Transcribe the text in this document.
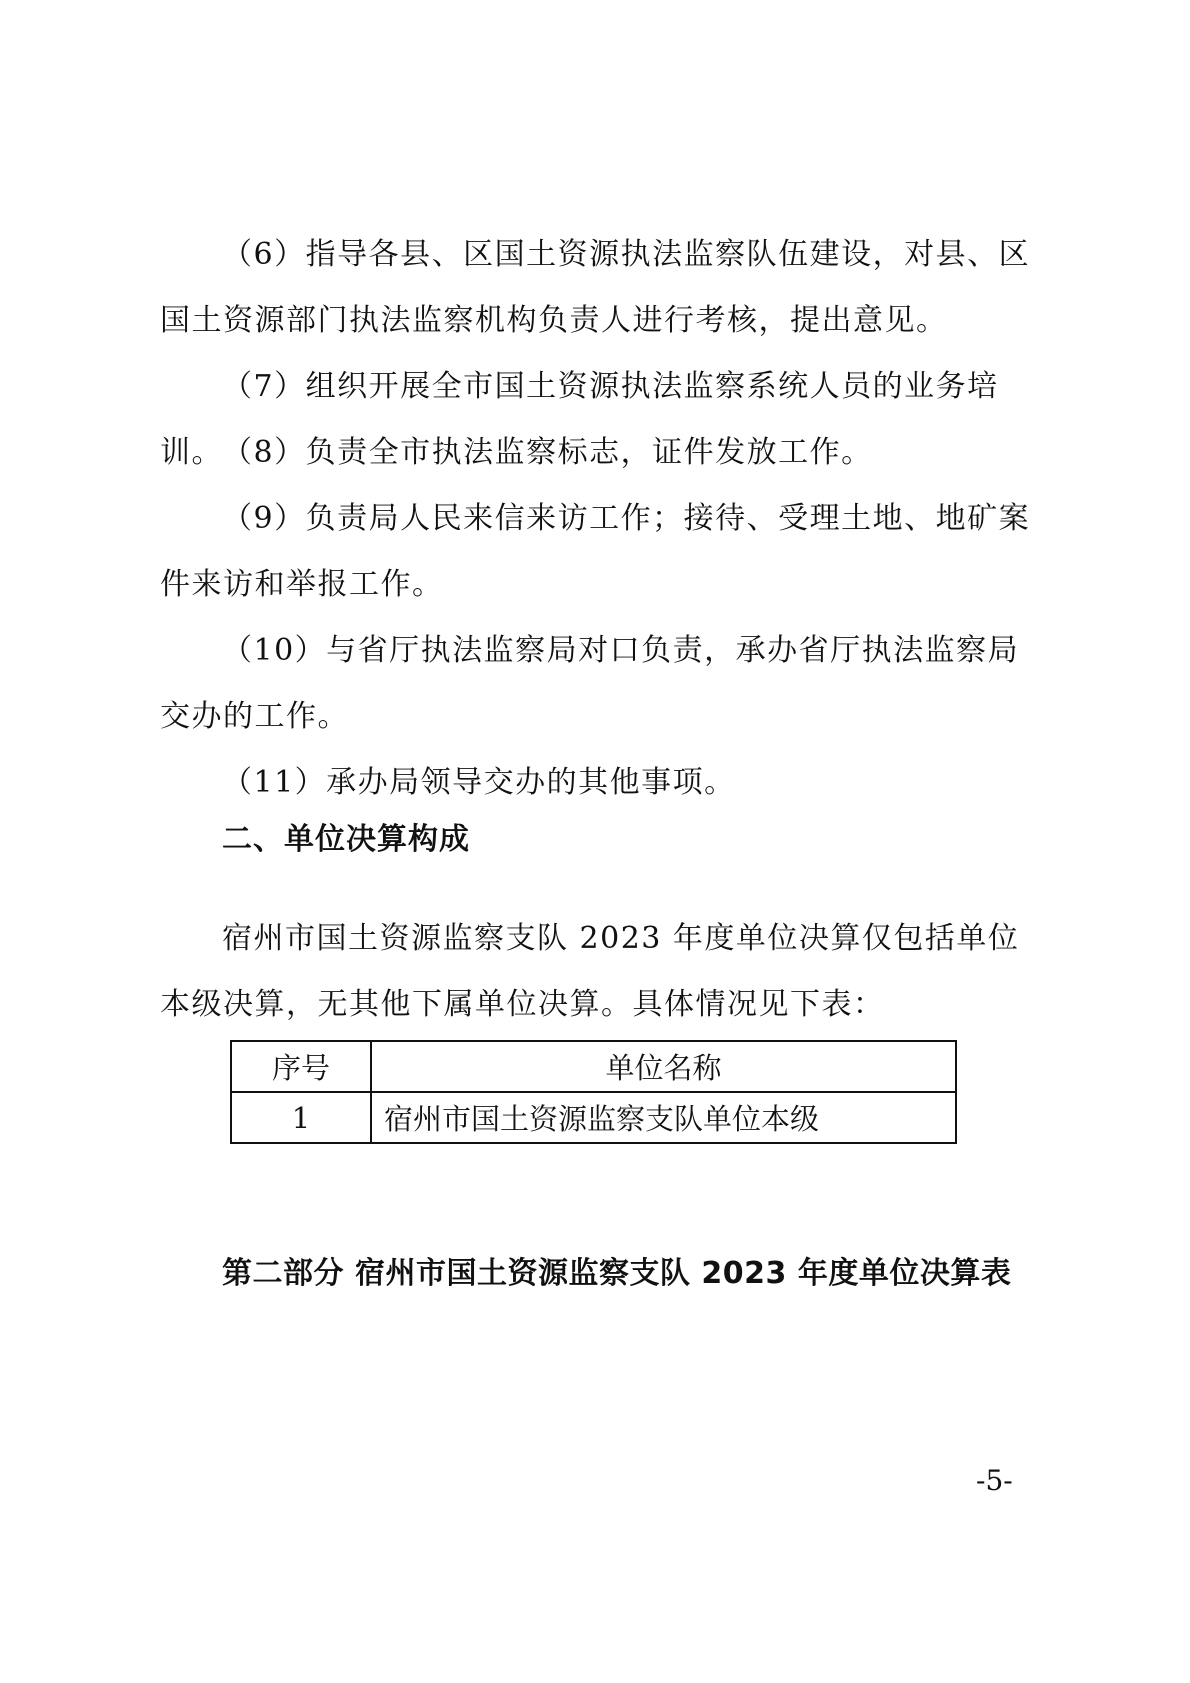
（6）指导各县、区国土资源执法监察队伍建设，对县、区国土资源部门执法监察机构负责人进行考核，提出意见。

（7）组织开展全市国土资源执法监察系统人员的业务培训。 （8）负责全市执法监察标志，证件发放工作。

（9）负责局人民来信来访工作；接待、受理土地、地矿案件来访和举报工作。

（10）与省厅执法监察局对口负责，承办省厅执法监察局交办的工作。

（11）承办局领导交办的其他事项。

二、单位决算构成

宿州市国土资源监察支队 2023 年度单位决算仅包括单位本级决算，无其他下属单位决算。具体情况见下表：

序号	单位名称
1	宿州市国土资源监察支队单位本级
第二部分 宿州市国土资源监察支队 2023 年度单位决算表

-5-
